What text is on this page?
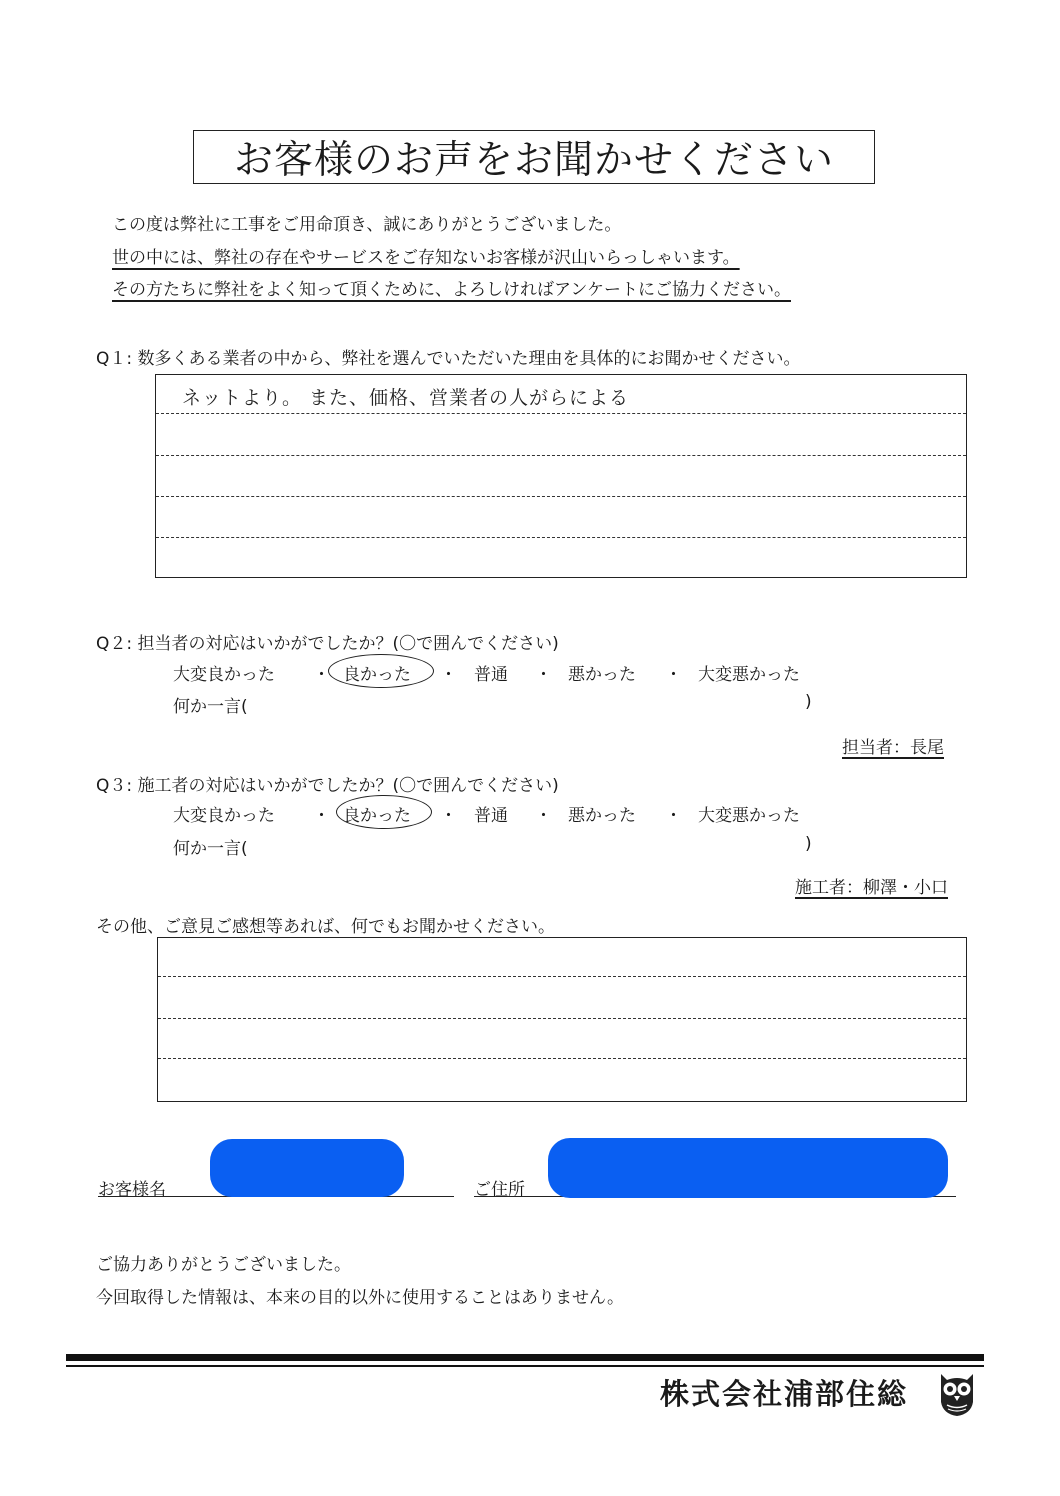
お客様のお声をお聞かせください
この度は弊社に工事をご用命頂き、誠にありがとうございました。
世の中には、弊社の存在やサービスをご存知ないお客様が沢山いらっしゃいます。
その方たちに弊社をよく知って頂くために、よろしければアンケートにご協力ください。
Q１: 数多くある業者の中から、弊社を選んでいただいた理由を具体的にお聞かせください。
ネットより。 また、価格、営業者の人がらによる
Q２: 担当者の対応はいかがでしたか？(〇で囲んでください)
大変良かった ・ 良かった ・ 普通 ・ 悪かった ・ 大変悪かった
何か一言(	)
担当者：長尾
Q３: 施工者の対応はいかがでしたか？(〇で囲んでください)
大変良かった ・ 良かった ・ 普通 ・ 悪かった ・ 大変悪かった
何か一言(	)
施工者：柳澤・小口
その他、ご意見ご感想等あれば、何でもお聞かせください。
お客様名	ご住所
ご協力ありがとうございました。
今回取得した情報は、本来の目的以外に使用することはありません。
株式会社浦部住総
